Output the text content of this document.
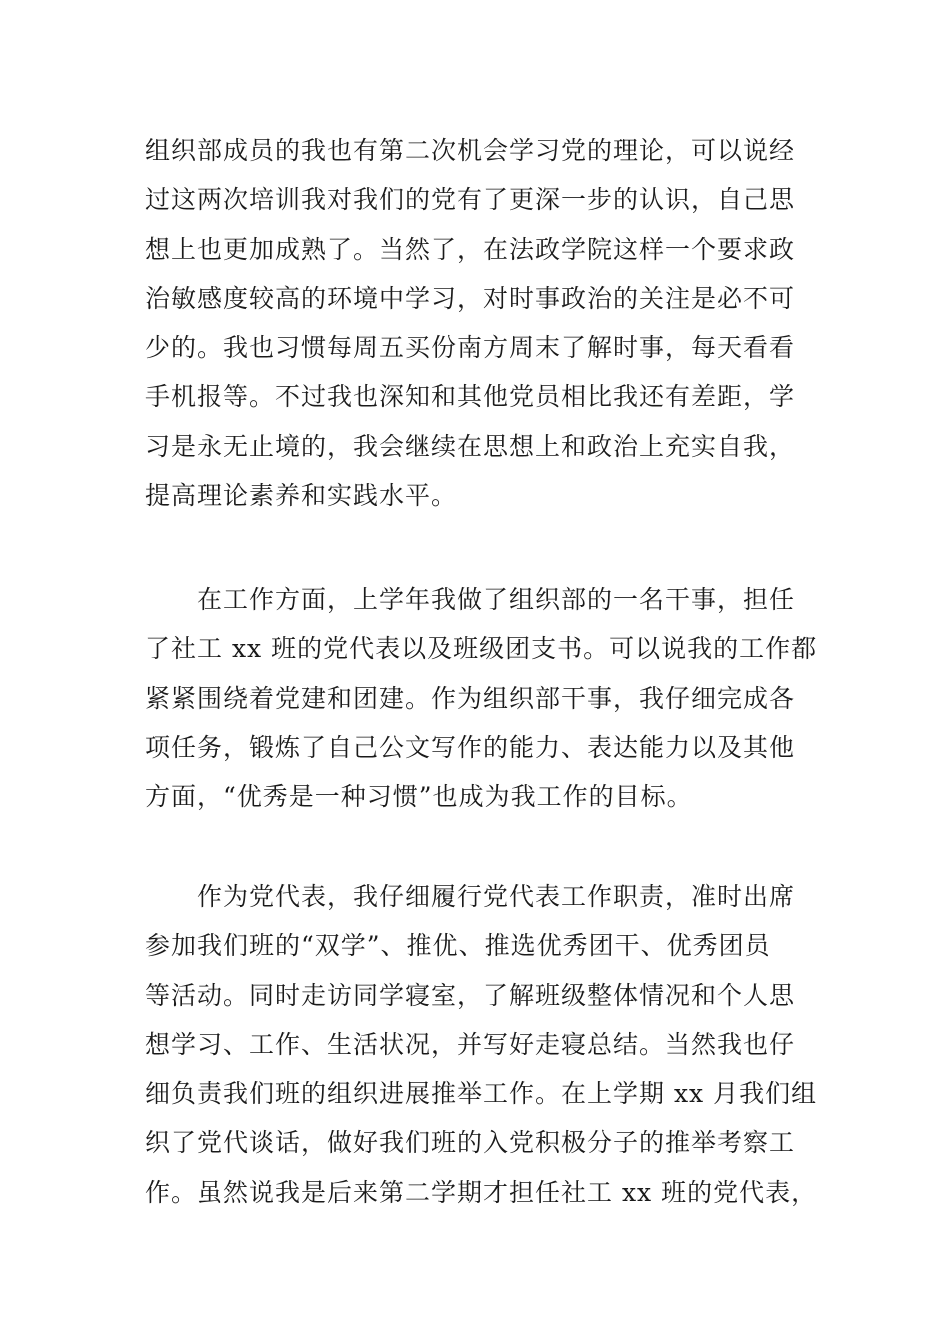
组织部成员的我也有第二次机会学习党的理论，可以说经
过这两次培训我对我们的党有了更深一步的认识，自己思
想上也更加成熟了。当然了，在法政学院这样一个要求政
治敏感度较高的环境中学习，对时事政治的关注是必不可
少的。我也习惯每周五买份南方周末了解时事，每天看看
手机报等。不过我也深知和其他党员相比我还有差距，学
习是永无止境的，我会继续在思想上和政治上充实自我，
提高理论素养和实践水平。
在工作方面，上学年我做了组织部的一名干事，担任
了社工 xx 班的党代表以及班级团支书。可以说我的工作都
紧紧围绕着党建和团建。作为组织部干事，我仔细完成各
项任务，锻炼了自己公文写作的能力、表达能力以及其他
方面，“优秀是一种习惯”也成为我工作的目标。
作为党代表，我仔细履行党代表工作职责，准时出席
参加我们班的“双学”、推优、推选优秀团干、优秀团员
等活动。同时走访同学寝室，了解班级整体情况和个人思
想学习、工作、生活状况，并写好走寝总结。当然我也仔
细负责我们班的组织进展推举工作。在上学期 xx 月我们组
织了党代谈话，做好我们班的入党积极分子的推举考察工
作。虽然说我是后来第二学期才担任社工 xx 班的党代表，
